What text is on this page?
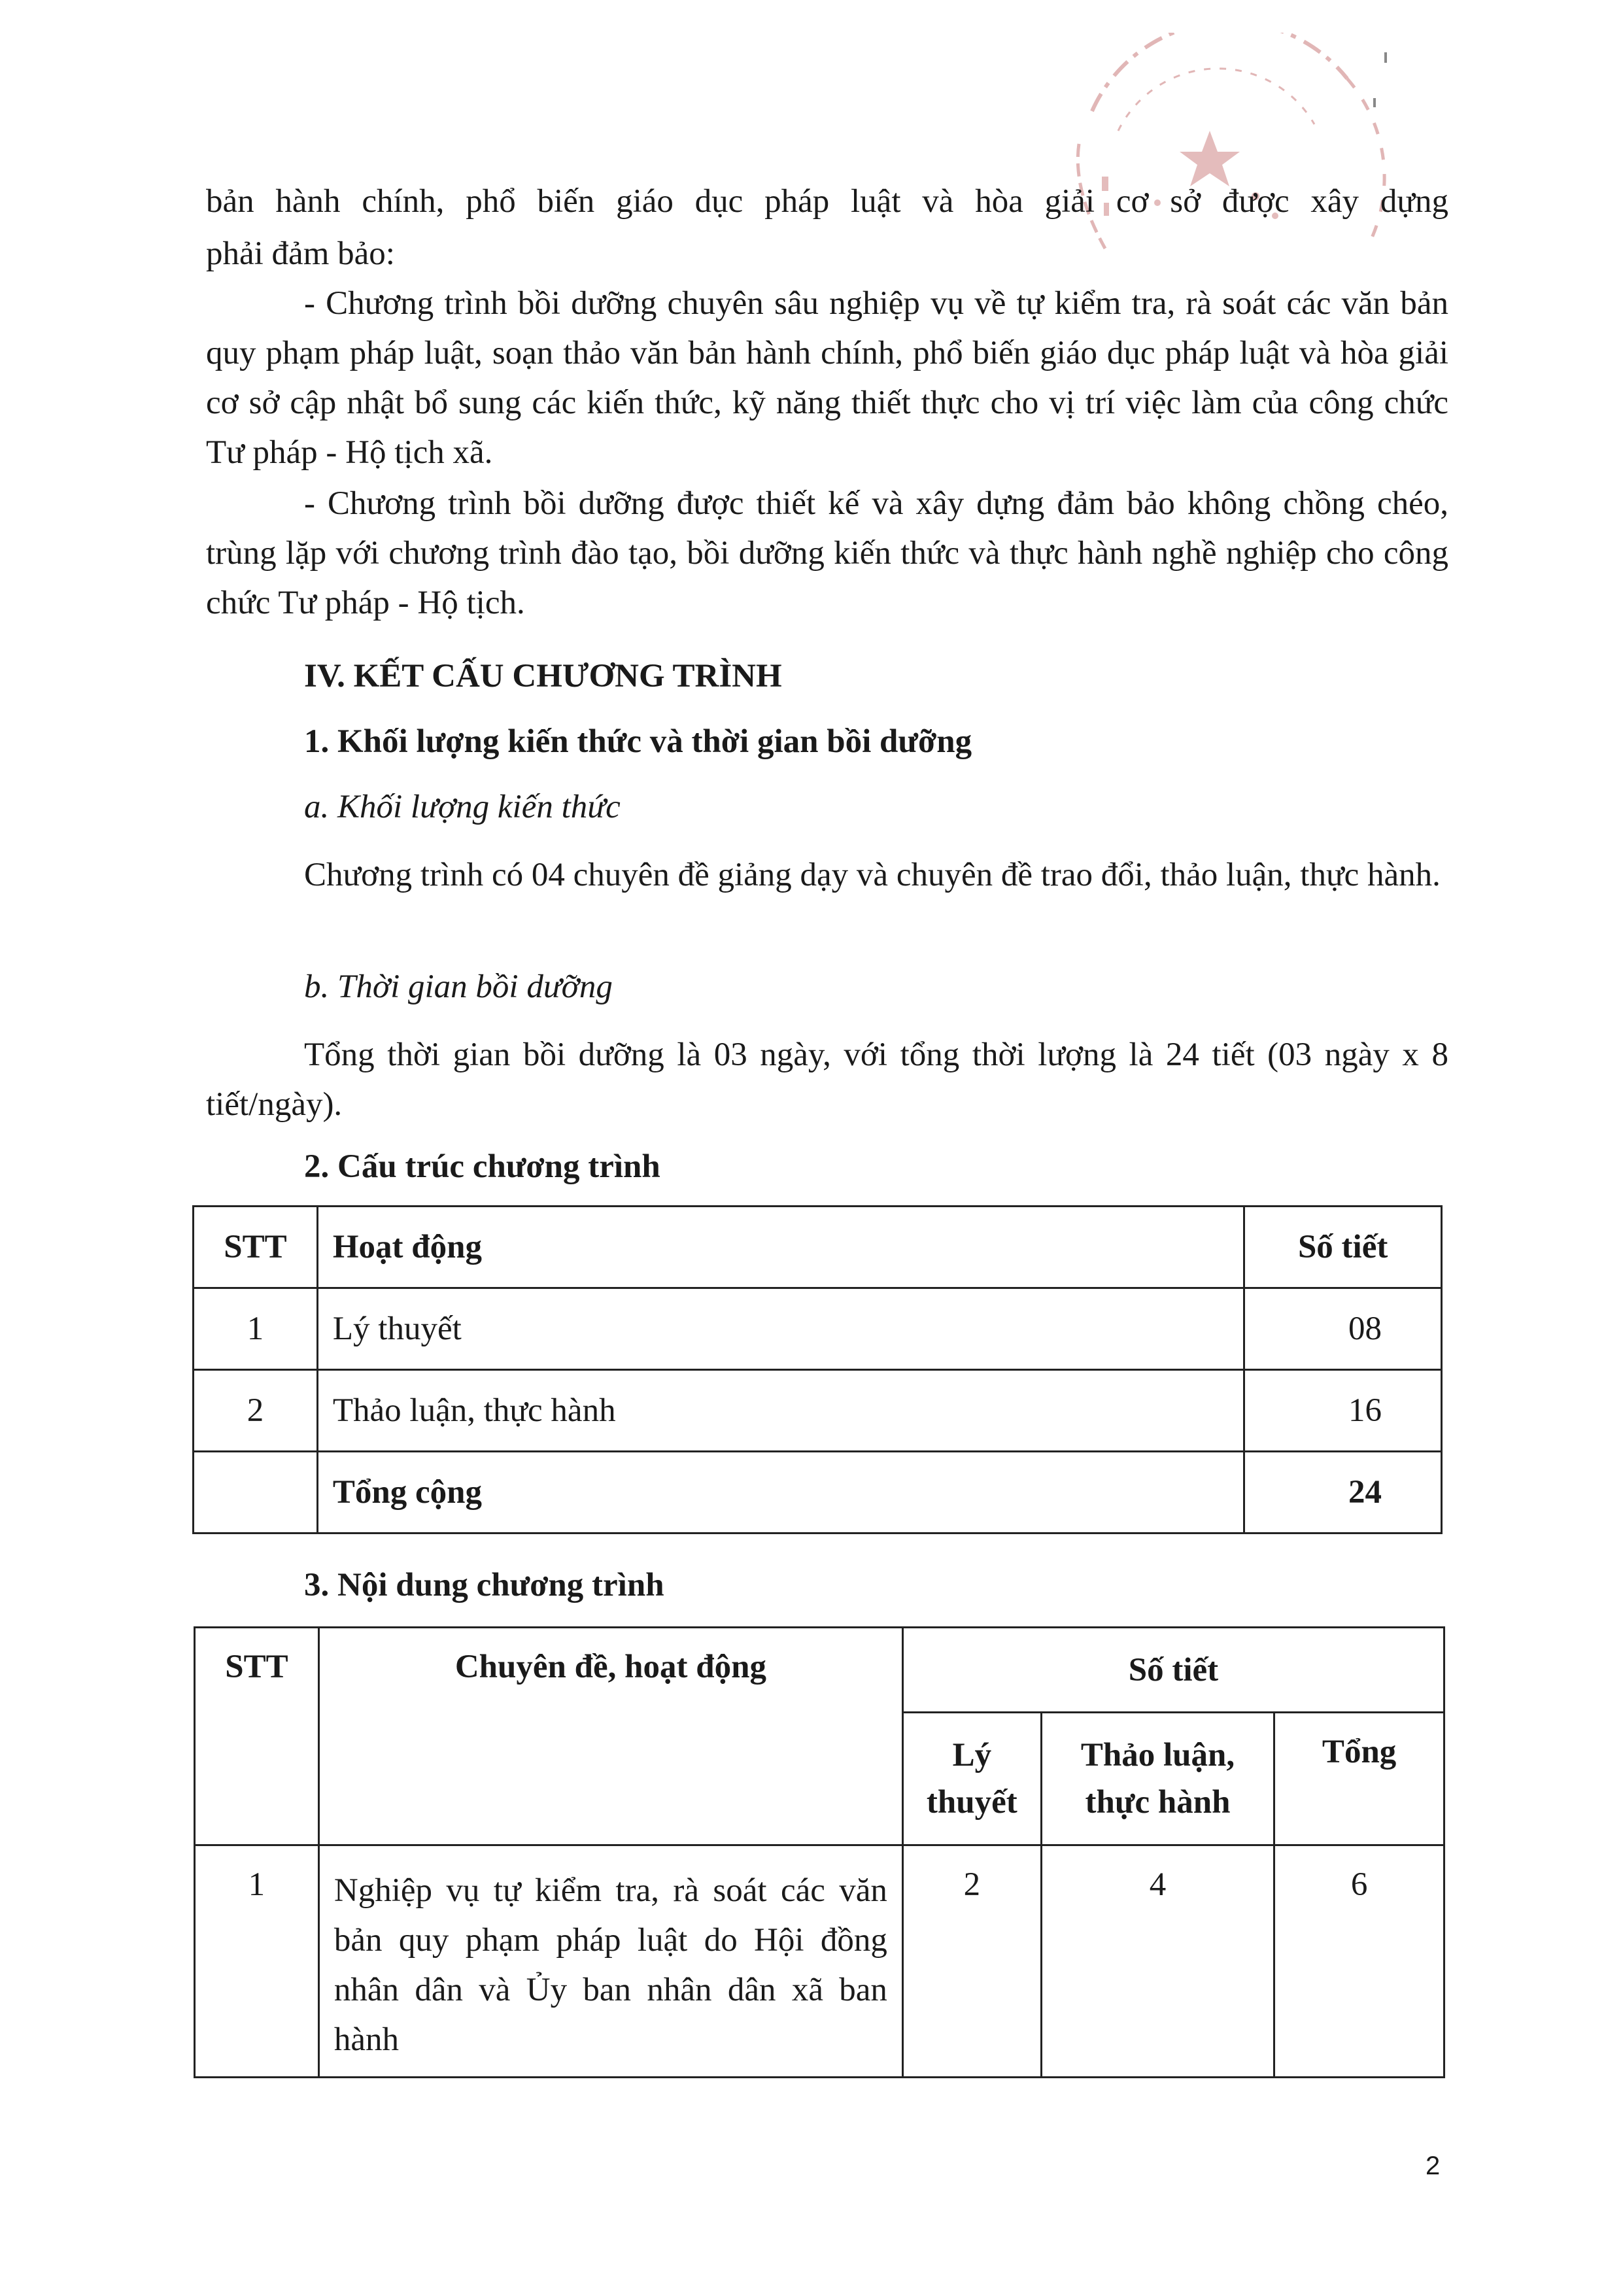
bản hành chính, phổ biến giáo dục pháp luật và hòa giải cơ sở được xây dựng

phải đảm bảo:

- Chương trình bồi dưỡng chuyên sâu nghiệp vụ về tự kiểm tra, rà soát các văn bản quy phạm pháp luật, soạn thảo văn bản hành chính, phổ biến giáo dục pháp luật và hòa giải cơ sở cập nhật bổ sung các kiến thức, kỹ năng thiết thực cho vị trí việc làm của công chức Tư pháp - Hộ tịch xã.

- Chương trình bồi dưỡng được thiết kế và xây dựng đảm bảo không chồng chéo, trùng lặp với chương trình đào tạo, bồi dưỡng kiến thức và thực hành nghề nghiệp cho công chức Tư pháp - Hộ tịch.

IV. KẾT CẤU CHƯƠNG TRÌNH

1. Khối lượng kiến thức và thời gian bồi dưỡng

a. Khối lượng kiến thức

Chương trình có 04 chuyên đề giảng dạy và chuyên đề trao đổi, thảo luận, thực hành.

b. Thời gian bồi dưỡng

Tổng thời gian bồi dưỡng là 03 ngày, với tổng thời lượng là 24 tiết (03 ngày x 8 tiết/ngày).

2. Cấu trúc chương trình

STT	Hoạt động	Số tiết
1	Lý thuyết	08
2	Thảo luận, thực hành	16
	Tổng cộng	24

3. Nội dung chương trình

STT	Chuyên đề, hoạt động	Số tiết		
		Lý thuyết	Thảo luận, thực hành	Tổng
1	Nghiệp vụ tự kiểm tra, rà soát các văn bản quy phạm pháp luật do Hội đồng nhân dân và Ủy ban nhân dân xã ban hành	2	4	6
2
